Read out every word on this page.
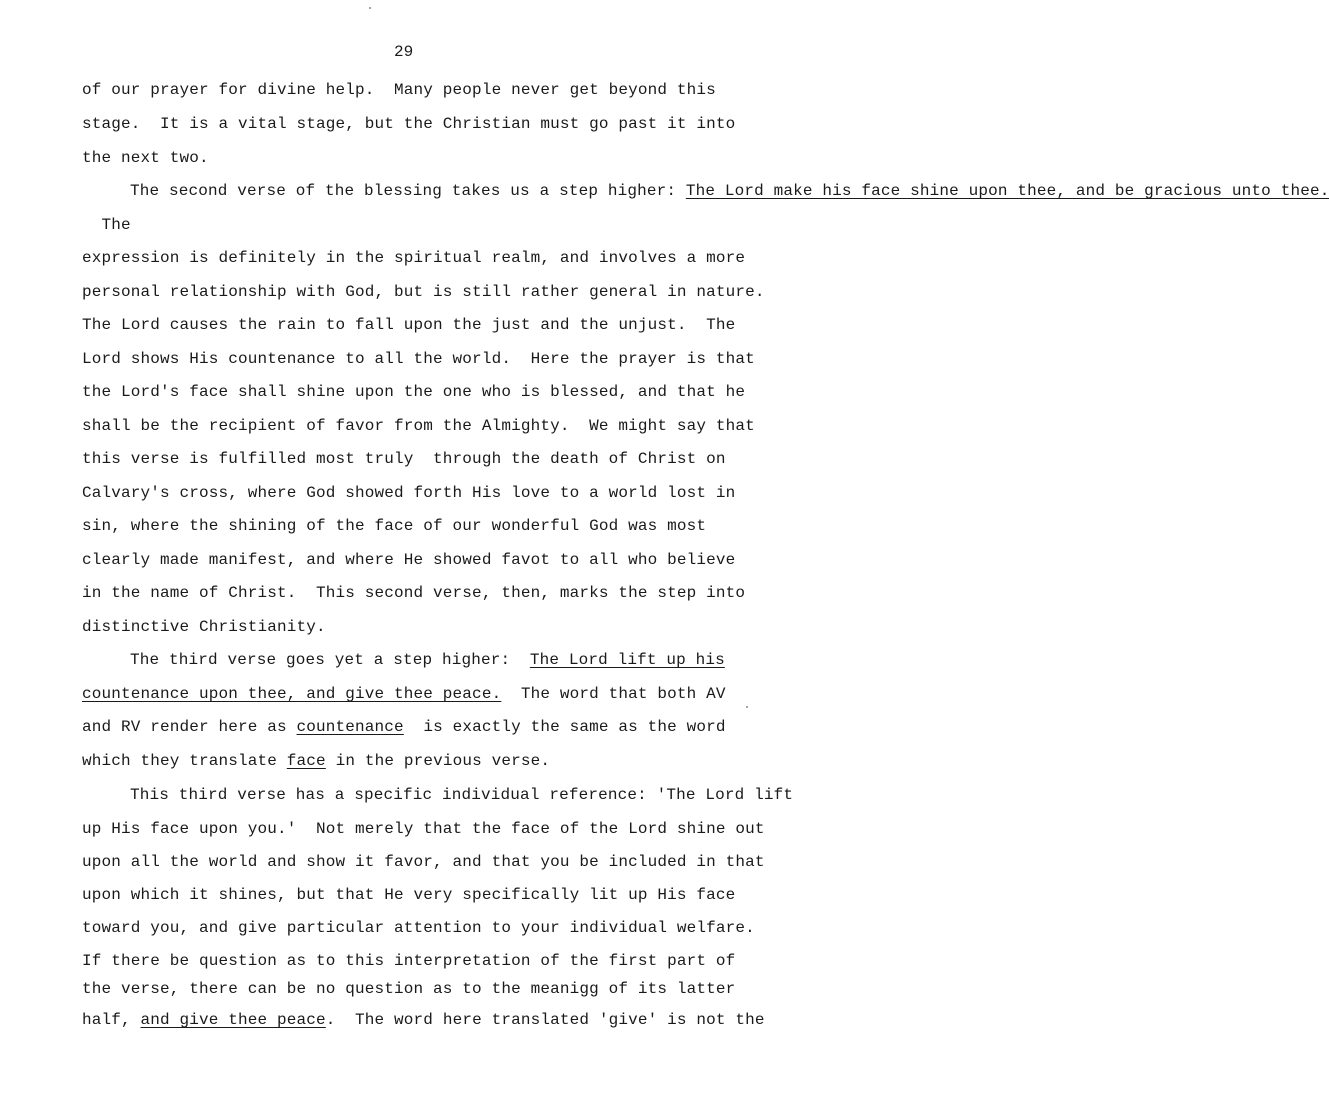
29
of our prayer for divine help.  Many people never get beyond this
stage.  It is a vital stage, but the Christian must go past it into
the next two.
The second verse of the blessing takes us a step higher: The Lord make his face shine upon thee, and be gracious unto thee.
The
expression is definitely in the spiritual realm, and involves a more
personal relationship with God, but is still rather general in nature.
The Lord causes the rain to fall upon the just and the unjust.  The
Lord shows His countenance to all the world.  Here the prayer is that
the Lord's face shall shine upon the one who is blessed, and that he
shall be the recipient of favor from the Almighty.  We might say that
this verse is fulfilled most truly  through the death of Christ on
Calvary's cross, where God showed forth His love to a world lost in
sin, where the shining of the face of our wonderful God was most
clearly made manifest, and where He showed favot to all who believe
in the name of Christ.  This second verse, then, marks the step into
distinctive Christianity.
The third verse goes yet a step higher:  The Lord lift up his
countenance upon thee, and give thee peace.  The word that both AV
and RV render here as countenance  is exactly the same as the word
which they translate face in the previous verse.
This third verse has a specific individual reference: 'The Lord lift
up His face upon you.'  Not merely that the face of the Lord shine out
upon all the world and show it favor, and that you be included in that
upon which it shines, but that He very specifically lit up His face
toward you, and give particular attention to your individual welfare.
If there be question as to this interpretation of the first part of
the verse, there can be no question as to the meanigg of its latter
half, and give thee peace.  The word here translated 'give' is not the
